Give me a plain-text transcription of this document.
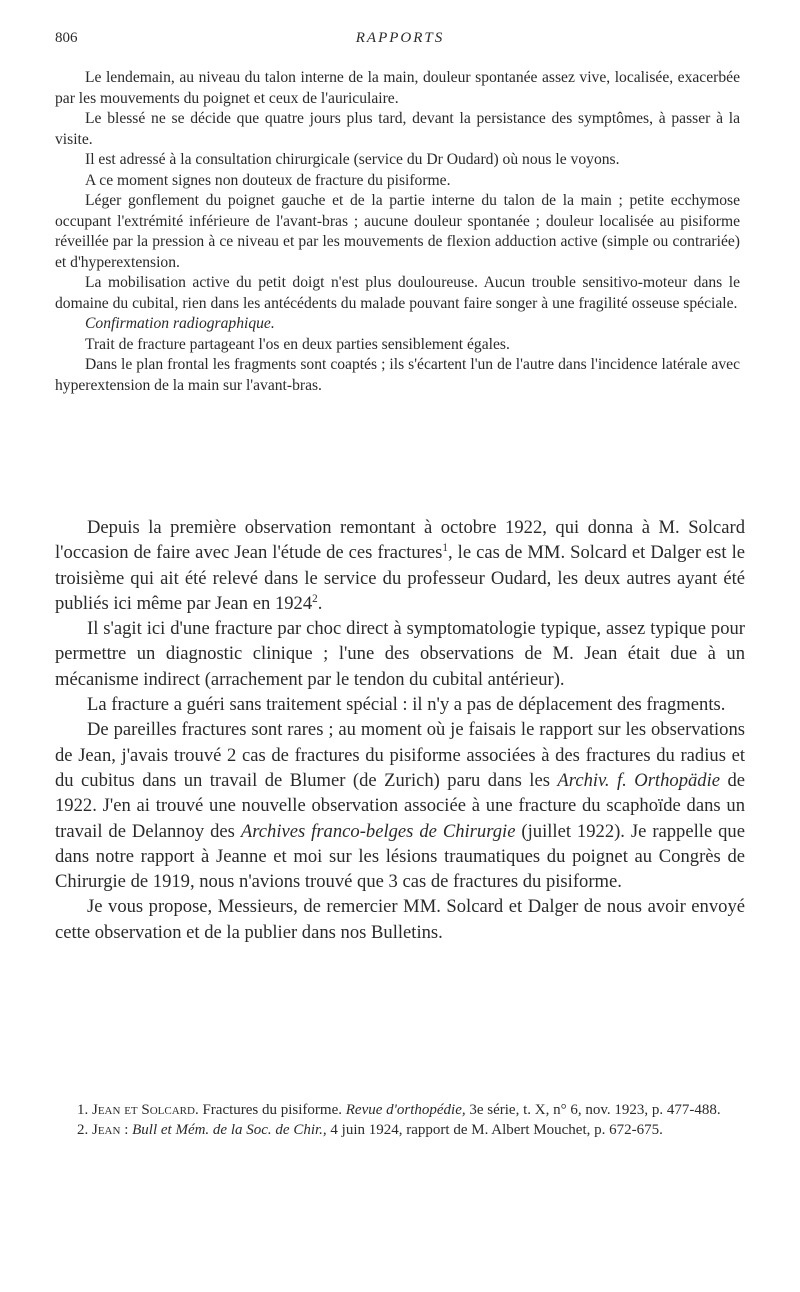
806	RAPPORTS

Le lendemain, au niveau du talon interne de la main, douleur spontanée assez vive, localisée, exacerbée par les mouvements du poignet et ceux de l'auriculaire.

Le blessé ne se décide que quatre jours plus tard, devant la persistance des symptômes, à passer à la visite.

Il est adressé à la consultation chirurgicale (service du Dr Oudard) où nous le voyons.

A ce moment signes non douteux de fracture du pisiforme.

Léger gonflement du poignet gauche et de la partie interne du talon de la main ; petite ecchymose occupant l'extrémité inférieure de l'avant-bras ; aucune douleur spontanée ; douleur localisée au pisiforme réveillée par la pression à ce niveau et par les mouvements de flexion adduction active (simple ou contrariée) et d'hyperextension.

La mobilisation active du petit doigt n'est plus douloureuse. Aucun trouble sensitivo-moteur dans le domaine du cubital, rien dans les antécédents du malade pouvant faire songer à une fragilité osseuse spéciale.

Confirmation radiographique.

Trait de fracture partageant l'os en deux parties sensiblement égales.

Dans le plan frontal les fragments sont coaptés ; ils s'écartent l'un de l'autre dans l'incidence latérale avec hyperextension de la main sur l'avant-bras.

Depuis la première observation remontant à octobre 1922, qui donna à M. Solcard l'occasion de faire avec Jean l'étude de ces fractures$^1$, le cas de MM. Solcard et Dalger est le troisième qui ait été relevé dans le service du professeur Oudard, les deux autres ayant été publiés ici même par Jean en 1924$^2$.

Il s'agit ici d'une fracture par choc direct à symptomatologie typique, assez typique pour permettre un diagnostic clinique ; l'une des observations de M. Jean était due à un mécanisme indirect (arrachement par le tendon du cubital antérieur).

La fracture a guéri sans traitement spécial : il n'y a pas de déplacement des fragments.

De pareilles fractures sont rares ; au moment où je faisais le rapport sur les observations de Jean, j'avais trouvé 2 cas de fractures du pisiforme associées à des fractures du radius et du cubitus dans un travail de Blumer (de Zurich) paru dans les Archiv. f. Orthopädie de 1922. J'en ai trouvé une nouvelle observation associée à une fracture du scaphoïde dans un travail de Delannoy des Archives franco-belges de Chirurgie (juillet 1922). Je rappelle que dans notre rapport à Jeanne et moi sur les lésions traumatiques du poignet au Congrès de Chirurgie de 1919, nous n'avions trouvé que 3 cas de fractures du pisiforme.

Je vous propose, Messieurs, de remercier MM. Solcard et Dalger de nous avoir envoyé cette observation et de la publier dans nos Bulletins.

1. Jean et Solcard. Fractures du pisiforme. Revue d'orthopédie, 3e série, t. X, n° 6, nov. 1923, p. 477-488.

2. Jean : Bull et Mém. de la Soc. de Chir., 4 juin 1924, rapport de M. Albert Mouchet, p. 672-675.
